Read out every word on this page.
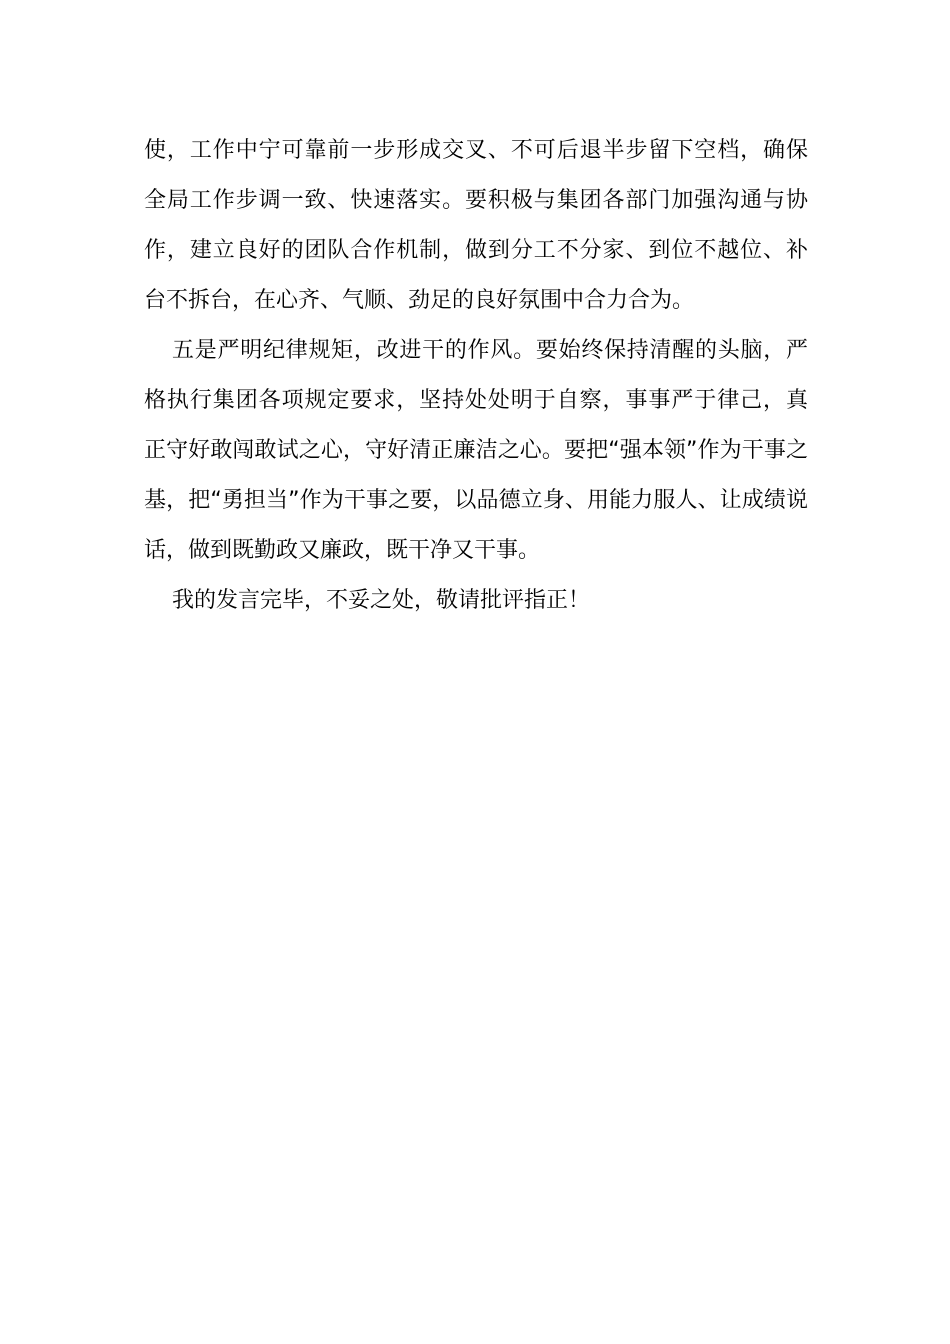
使，工作中宁可靠前一步形成交叉、不可后退半步留下空档，确保
全局工作步调一致、快速落实。要积极与集团各部门加强沟通与协
作，建立良好的团队合作机制，做到分工不分家、到位不越位、补
台不拆台，在心齐、气顺、劲足的良好氛围中合力合为。
五是严明纪律规矩，改进干的作风。要始终保持清醒的头脑，严
格执行集团各项规定要求，坚持处处明于自察，事事严于律己，真
正守好敢闯敢试之心，守好清正廉洁之心。要把“强本领”作为干事之
基，把“勇担当”作为干事之要，以品德立身、用能力服人、让成绩说
话，做到既勤政又廉政，既干净又干事。
我的发言完毕，不妥之处，敬请批评指正！
